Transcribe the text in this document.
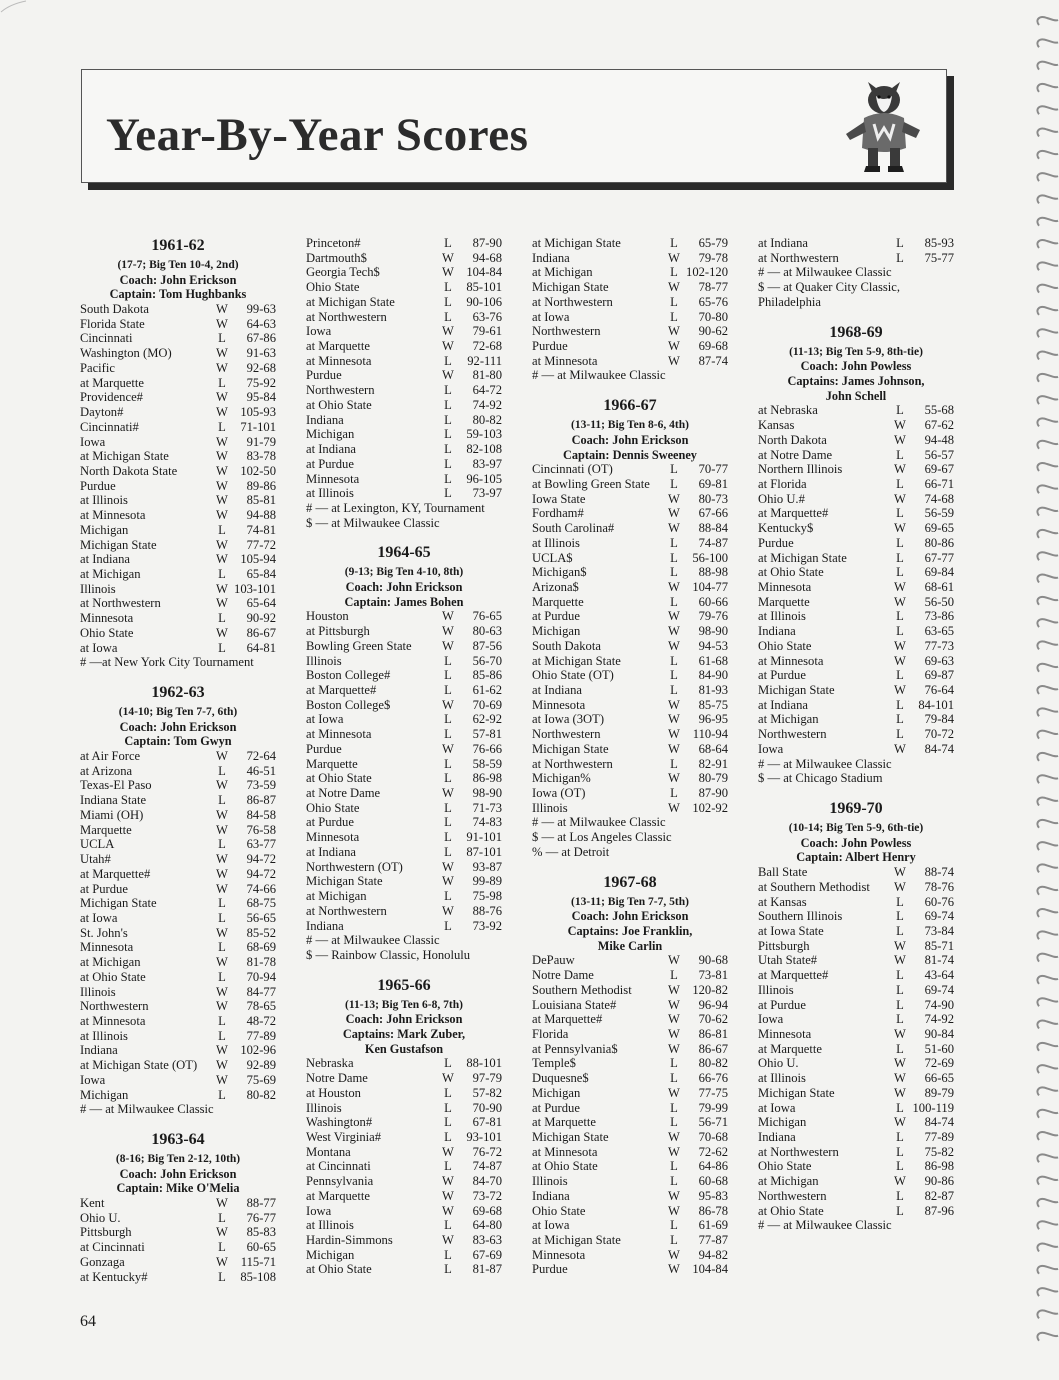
Year-By-Year Scores
1961-62
(17-7; Big Ten 10-4, 2nd)
Coach: John Erickson
Captain: Tom Hughbanks
South Dakota	W 99-63
Florida State	W 64-63
Cincinnati	L 67-86
Washington (MO)	W 91-63
Pacific	W 92-68
at Marquette	L 75-92
Providence#	W 95-84
Dayton#	W 105-93
Cincinnati#	L 71-101
Iowa	W 91-79
at Michigan State	W 83-78
North Dakota State	W 102-50
Purdue	W 89-86
at Illinois	W 85-81
at Minnesota	W 94-88
Michigan	L 74-81
Michigan State	W 77-72
at Indiana	W 105-94
at Michigan	L 65-84
Illinois	W 103-101
at Northwestern	W 65-64
Minnesota	L 90-92
Ohio State	W 86-67
at Iowa	L 64-81
# —at New York City Tournament
1962-63
(14-10; Big Ten 7-7, 6th)
Coach: John Erickson
Captain: Tom Gwyn
at Air Force	W 72-64
at Arizona	L 46-51
Texas-El Paso	W 73-59
Indiana State	L 86-87
Miami (OH)	W 84-58
Marquette	W 76-58
UCLA	L 63-77
Utah#	W 94-72
at Marquette#	W 94-72
at Purdue	W 74-66
Michigan State	L 68-75
at Iowa	L 56-65
St. John's	W 85-52
Minnesota	L 68-69
at Michigan	W 81-78
at Ohio State	L 70-94
Illinois	W 84-77
Northwestern	W 78-65
at Minnesota	L 48-72
at Illinois	L 77-89
Indiana	W 102-96
at Michigan State (OT) W 92-89
Iowa	W 75-69
Michigan	L 80-82
# — at Milwaukee Classic
1963-64
(8-16; Big Ten 2-12, 10th)
Coach: John Erickson
Captain: Mike O'Melia
Kent	W 88-77
Ohio U.	L 76-77
Pittsburgh	W 85-83
at Cincinnati	L 60-65
Gonzaga	W 115-71
at Kentucky#	L 85-108
Princeton#	L 87-90
Dartmouth$	W 94-68
Georgia Tech$	W 104-84
Ohio State	L 85-101
at Michigan State	L 90-106
at Northwestern	L 63-76
Iowa	W 79-61
at Marquette	W 72-68
at Minnesota	L 92-111
Purdue	W 81-80
Northwestern	L 64-72
at Ohio State	L 74-92
Indiana	L 80-82
Michigan	L 59-103
at Indiana	L 82-108
at Purdue	L 83-97
Minnesota	L 96-105
at Illinois	L 73-97
# — at Lexington, KY, Tournament
$ — at Milwaukee Classic
1964-65
(9-13; Big Ten 4-10, 8th)
Coach: John Erickson
Captain: James Bohen
Houston	W 76-65
at Pittsburgh	W 80-63
Bowling Green State W 87-56
Illinois	L 56-70
Boston College#	L 85-86
at Marquette#	L 61-62
Boston College$	W 70-69
at Iowa	L 62-92
at Minnesota	L 57-81
Purdue	W 76-66
Marquette	L 58-59
at Ohio State	L 86-98
at Notre Dame	W 98-90
Ohio State	L 71-73
at Purdue	L 74-83
Minnesota	L 91-101
at Indiana	L 87-101
Northwestern (OT)	W 93-87
Michigan State	W 99-89
at Michigan	L 75-98
at Northwestern	W 88-76
Indiana	L 73-92
# — at Milwaukee Classic
$ — Rainbow Classic, Honolulu
1965-66
(11-13; Big Ten 6-8, 7th)
Coach: John Erickson
Captains: Mark Zuber,
Ken Gustafson
Nebraska	L 88-101
Notre Dame	W 97-79
at Houston	L 57-82
Illinois	L 70-90
Washington#	L 67-81
West Virginia#	L 93-101
Montana	W 76-72
at Cincinnati	L 74-87
Pennsylvania	W 84-70
at Marquette	W 73-72
Iowa	W 69-68
at Illinois	L 64-80
Hardin-Simmons	W 83-63
Michigan	L 67-69
at Ohio State	L 81-87
at Michigan State	L 65-79
Indiana	W 79-78
at Michigan	L 102-120
Michigan State	W 78-77
at Northwestern	L 65-76
at Iowa	L 70-80
Northwestern	W 90-62
Purdue	W 69-68
at Minnesota	W 87-74
# — at Milwaukee Classic
1966-67
(13-11; Big Ten 8-6, 4th)
Coach: John Erickson
Captain: Dennis Sweeney
Cincinnati (OT)	L 70-77
at Bowling Green State L 69-81
Iowa State	W 80-73
Fordham#	W 67-66
South Carolina#	W 88-84
at Illinois	L 74-87
UCLA$	L 56-100
Michigan$	L 88-98
Arizona$	W 104-77
Marquette	L 60-66
at Purdue	W 79-76
Michigan	W 98-90
South Dakota	W 94-53
at Michigan State	L 61-68
Ohio State (OT)	L 84-90
at Indiana	L 81-93
Minnesota	W 85-75
at Iowa (3OT)	W 96-95
Northwestern	W 110-94
Michigan State	W 68-64
at Northwestern	L 82-91
Michigan%	W 80-79
Iowa (OT)	L 87-90
Illinois	W 102-92
# — at Milwaukee Classic
$ — at Los Angeles Classic
% — at Detroit
1967-68
(13-11; Big Ten 7-7, 5th)
Coach: John Erickson
Captains: Joe Franklin,
Mike Carlin
DePauw	W 90-68
Notre Dame	L 73-81
Southern Methodist	W 120-82
Louisiana State#	W 96-94
at Marquette#	W 70-62
Florida	W 86-81
at Pennsylvania$	W 86-67
Temple$	L 80-82
Duquesne$	L 66-76
Michigan	W 77-75
at Purdue	L 79-99
at Marquette	L 56-71
Michigan State	W 70-68
at Minnesota	W 72-62
at Ohio State	L 64-86
Illinois	L 60-68
Indiana	W 95-83
Ohio State	W 86-78
at Iowa	L 61-69
at Michigan State	L 77-87
Minnesota	W 94-82
Purdue	W 104-84
at Indiana	L 85-93
at Northwestern	L 75-77
# — at Milwaukee Classic
$ — at Quaker City Classic,
Philadelphia
1968-69
(11-13; Big Ten 5-9, 8th-tie)
Coach: John Powless
Captains: James Johnson,
John Schell
at Nebraska	L 55-68
Kansas	W 67-62
North Dakota	W 94-48
at Notre Dame	L 56-57
Northern Illinois	W 69-67
at Florida	L 66-71
Ohio U.#	W 74-68
at Marquette#	L 56-59
Kentucky$	W 69-65
Purdue	L 80-86
at Michigan State	L 67-77
at Ohio State	L 69-84
Minnesota	W 68-61
Marquette	W 56-50
at Illinois	L 73-86
Indiana	L 63-65
Ohio State	W 77-73
at Minnesota	W 69-63
at Purdue	L 69-87
Michigan State	W 76-64
at Indiana	L 84-101
at Michigan	L 79-84
Northwestern	L 70-72
Iowa	W 84-74
# — at Milwaukee Classic
$ — at Chicago Stadium
1969-70
(10-14; Big Ten 5-9, 6th-tie)
Coach: John Powless
Captain: Albert Henry
Ball State	W 88-74
at Southern Methodist W 78-76
at Kansas	L 60-76
Southern Illinois	L 69-74
at Iowa State	L 73-84
Pittsburgh	W 85-71
Utah State#	W 81-74
at Marquette#	L 43-64
Illinois	L 69-74
at Purdue	L 74-90
Iowa	L 74-92
Minnesota	W 90-84
at Marquette	L 51-60
Ohio U.	W 72-69
at Illinois	W 66-65
Michigan State	W 89-79
at Iowa	L 100-119
Michigan	W 84-74
Indiana	L 77-89
at Northwestern	L 75-82
Ohio State	L 86-98
at Michigan	W 90-86
Northwestern	L 82-87
at Ohio State	L 87-96
# — at Milwaukee Classic
64
